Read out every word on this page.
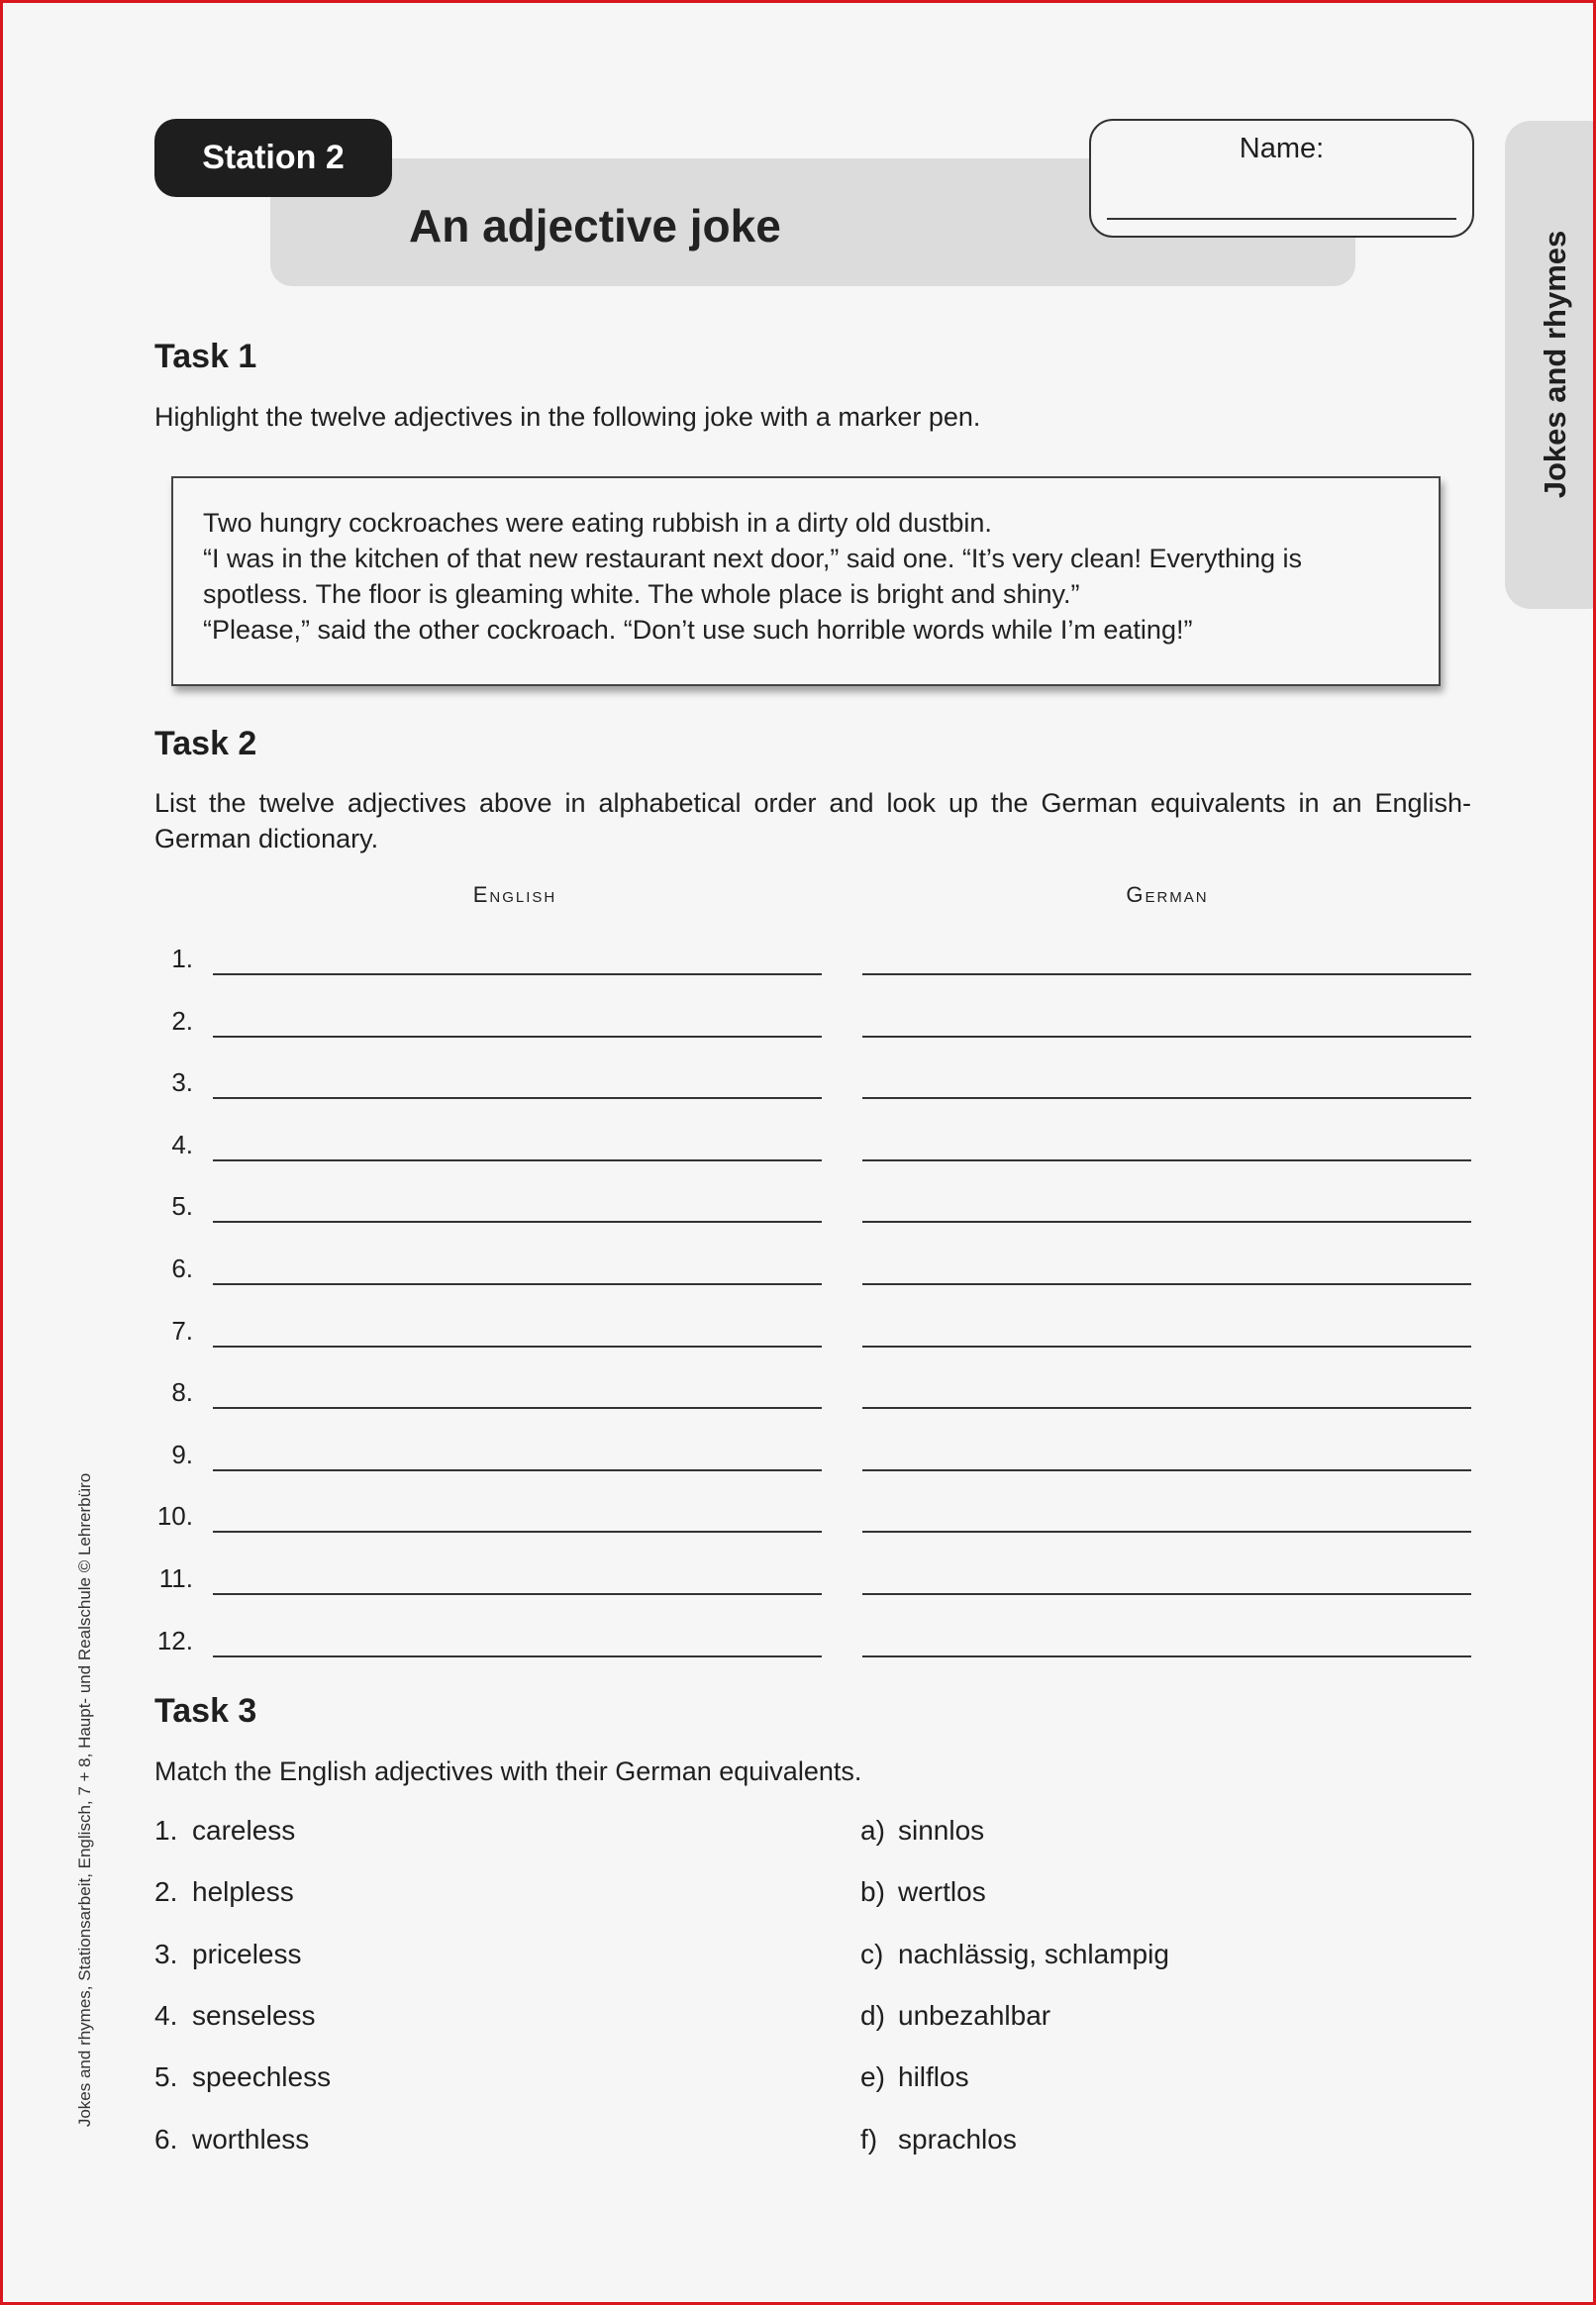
Station 2
An adjective joke
Name:
Jokes and rhymes
Jokes and rhymes, Stationsarbeit, Englisch, 7 + 8, Haupt- und Realschule © Lehrerbüro
Task 1
Highlight the twelve adjectives in the following joke with a marker pen.
Two hungry cockroaches were eating rubbish in a dirty old dustbin.
“I was in the kitchen of that new restaurant next door,” said one. “It’s very clean! Everything is
spotless. The floor is gleaming white. The whole place is bright and shiny.”
“Please,” said the other cockroach. “Don’t use such horrible words while I’m eating!”
Task 2
List the twelve adjectives above in alphabetical order and look up the German equivalents in an English-German dictionary.
English	German
1.
2.
3.
4.
5.
6.
7.
8.
9.
10.
11.
12.
Task 3
Match the English adjectives with their German equivalents.
1. careless
2. helpless
3. priceless
4. senseless
5. speechless
6. worthless
a) sinnlos
b) wertlos
c) nachlässig, schlampig
d) unbezahlbar
e) hilflos
f) sprachlos
